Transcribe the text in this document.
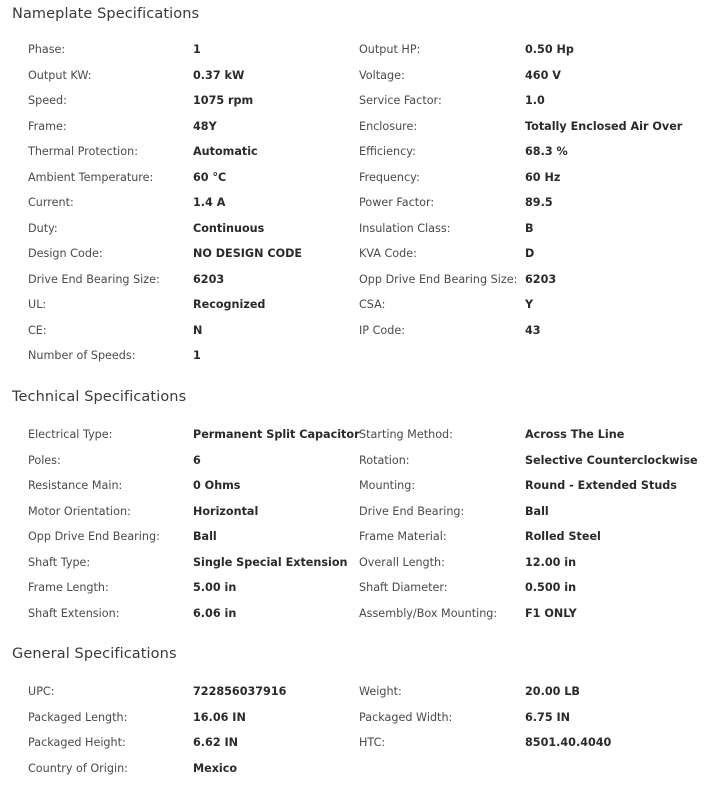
Nameplate Specifications
Phase:	1	Output HP:	0.50 Hp
Output KW:	0.37 kW	Voltage:	460 V
Speed:	1075 rpm	Service Factor:	1.0
Frame:	48Y	Enclosure:	Totally Enclosed Air Over
Thermal Protection:	Automatic	Efficiency:	68.3 %
Ambient Temperature:	60 °C	Frequency:	60 Hz
Current:	1.4 A	Power Factor:	89.5
Duty:	Continuous	Insulation Class:	B
Design Code:	NO DESIGN CODE	KVA Code:	D
Drive End Bearing Size:	6203	Opp Drive End Bearing Size: 6203
UL:	Recognized	CSA:	Y
CE:	N	IP Code:	43
Number of Speeds:	1
Technical Specifications
Electrical Type:	Permanent Split Capacitor Starting Method:	Across The Line
Poles:	6	Rotation:	Selective Counterclockwise
Resistance Main:	0 Ohms	Mounting:	Round - Extended Studs
Motor Orientation:	Horizontal	Drive End Bearing:	Ball
Opp Drive End Bearing:	Ball	Frame Material:	Rolled Steel
Shaft Type:	Single Special Extension Overall Length:	12.00 in
Frame Length:	5.00 in	Shaft Diameter:	0.500 in
Shaft Extension:	6.06 in	Assembly/Box Mounting: F1 ONLY
General Specifications
UPC:	722856037916	Weight:	20.00 LB
Packaged Length:	16.06 IN	Packaged Width:	6.75 IN
Packaged Height:	6.62 IN	HTC:	8501.40.4040
Country of Origin:	Mexico
